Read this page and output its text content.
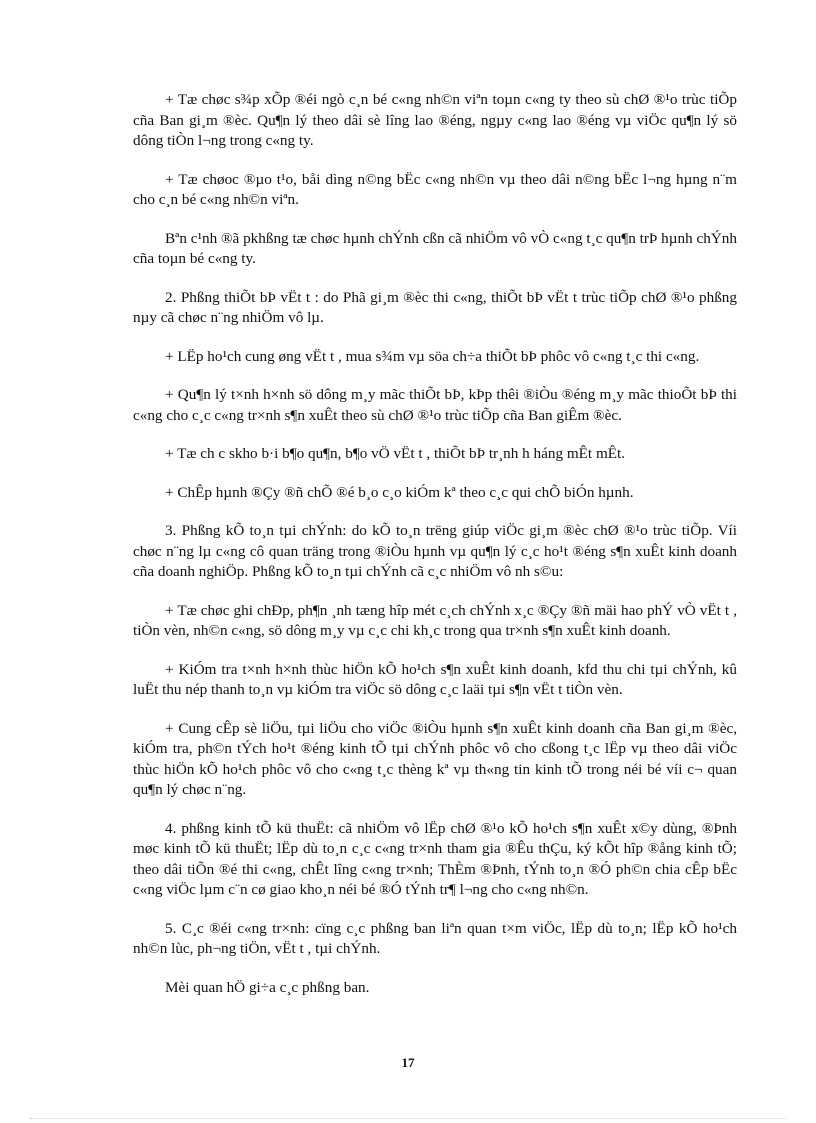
+ Tæ chøc s¾p xÕp ®éi ngò c¸n bé c«ng nh©n viªn toµn c«ng ty theo sù chØ ®¹o trùc tiÕp cña Ban gi¸m ®èc. Qu¶n lý theo dâi sè lîng lao ®éng, ngµy c«ng lao ®éng vµ viÖc qu¶n lý sö dông tiÒn l¬ng trong c«ng ty.

+ Tæ chøoc ®µo t¹o, båi dìng n©ng bËc c«ng nh©n vµ theo dâi n©ng bËc l¬ng hµng n¨m cho c¸n bé c«ng nh©n viªn.

Bªn c¹nh ®ã pkhßng tæ chøc hµnh chÝnh cßn cã nhiÖm vô vÒ c«ng t¸c qu¶n trÞ hµnh chÝnh cña toµn bé c«ng ty.

2. Phßng thiÕt bÞ vËt t : do Phã gi¸m ®èc thi c«ng, thiÕt bÞ vËt t trùc tiÕp chØ ®¹o phßng nµy cã chøc n¨ng nhiÖm vô lµ.

+ LËp ho¹ch cung øng vËt t , mua s¾m vµ söa ch÷a thiÕt bÞ phôc vô c«ng t¸c thi c«ng.

+ Qu¶n lý t×nh h×nh sö dông m¸y mãc thiÕt bÞ, kÞp thêi ®iÒu ®éng m¸y mãc thioÕt bÞ thi c«ng cho c¸c c«ng tr×nh s¶n xuÊt theo sù chØ ®¹o trùc tiÕp cña Ban giÊm ®èc.

+ Tæ ch c skho b·i b¶o qu¶n, b¶o vÖ vËt t , thiÕt bÞ tr¸nh h háng mÊt mÊt.

+ ChÊp hµnh ®Çy ®ñ chÕ ®é b¸o c¸o kiÓm kª theo c¸c qui chÕ biÓn hµnh.

3. Phßng kÕ to¸n tµi chÝnh: do kÕ to¸n trëng giúp viÖc gi¸m ®èc chØ ®¹o trùc tiÕp. Víi chøc n¨ng lµ c«ng cô quan träng trong ®iÒu hµnh vµ qu¶n lý c¸c ho¹t ®éng s¶n xuÊt kinh doanh cña doanh nghiÖp. Phßng kÕ to¸n tµi chÝnh cã c¸c nhiÖm vô nh s©u:

+ Tæ chøc ghi chÐp, ph¶n ¸nh tæng hîp mét c¸ch chÝnh x¸c ®Çy ®ñ mäi hao phÝ vÒ vËt t , tiÒn vèn, nh©n c«ng, sö dông m¸y vµ c¸c chi kh¸c trong qua tr×nh s¶n xuÊt kinh doanh.

+ KiÓm tra t×nh h×nh thùc hiÖn kÕ ho¹ch s¶n xuÊt kinh doanh, kfd thu chi tµi chÝnh, kû luËt thu nép thanh to¸n vµ kiÓm tra viÖc sö dông c¸c laäi tµi s¶n vËt t tiÒn vèn.

+ Cung cÊp sè liÖu, tµi liÖu cho viÖc ®iÒu hµnh s¶n xuÊt kinh doanh cña Ban gi¸m ®èc, kiÓm tra, ph©n tÝch ho¹t ®éng kinh tÕ tµi chÝnh phôc vô cho cßong t¸c lËp vµ theo dâi viÖc thùc hiÖn kÕ ho¹ch phôc vô cho c«ng t¸c thèng kª vµ th«ng tin kinh tÕ trong néi bé víi c¬ quan qu¶n lý chøc n¨ng.

4. phßng kinh tÕ kü thuËt: cã nhiÖm vô lËp chØ ®¹o kÕ ho¹ch s¶n xuÊt x©y dùng, ®Þnh møc kinh tÕ kü thuËt; lËp dù to¸n c¸c c«ng tr×nh tham gia ®Êu thÇu, ký kÕt hîp ®ång kinh tÕ; theo dâi tiÕn ®é thi c«ng, chÊt lîng c«ng tr×nh; ThÈm ®Þnh, tÝnh to¸n ®Ó ph©n chia cÊp bËc c«ng viÖc lµm c¨n cø giao kho¸n néi bé ®Ó tÝnh tr¶ l¬ng cho c«ng nh©n.

5. C¸c ®éi c«ng tr×nh: cïng c¸c phßng ban liªn quan t×m viÖc, lËp dù to¸n; lËp kÕ ho¹ch nh©n lùc, ph¬ng tiÖn, vËt t , tµi chÝnh.

Mèi quan hÖ gi÷a c¸c phßng ban.

17
